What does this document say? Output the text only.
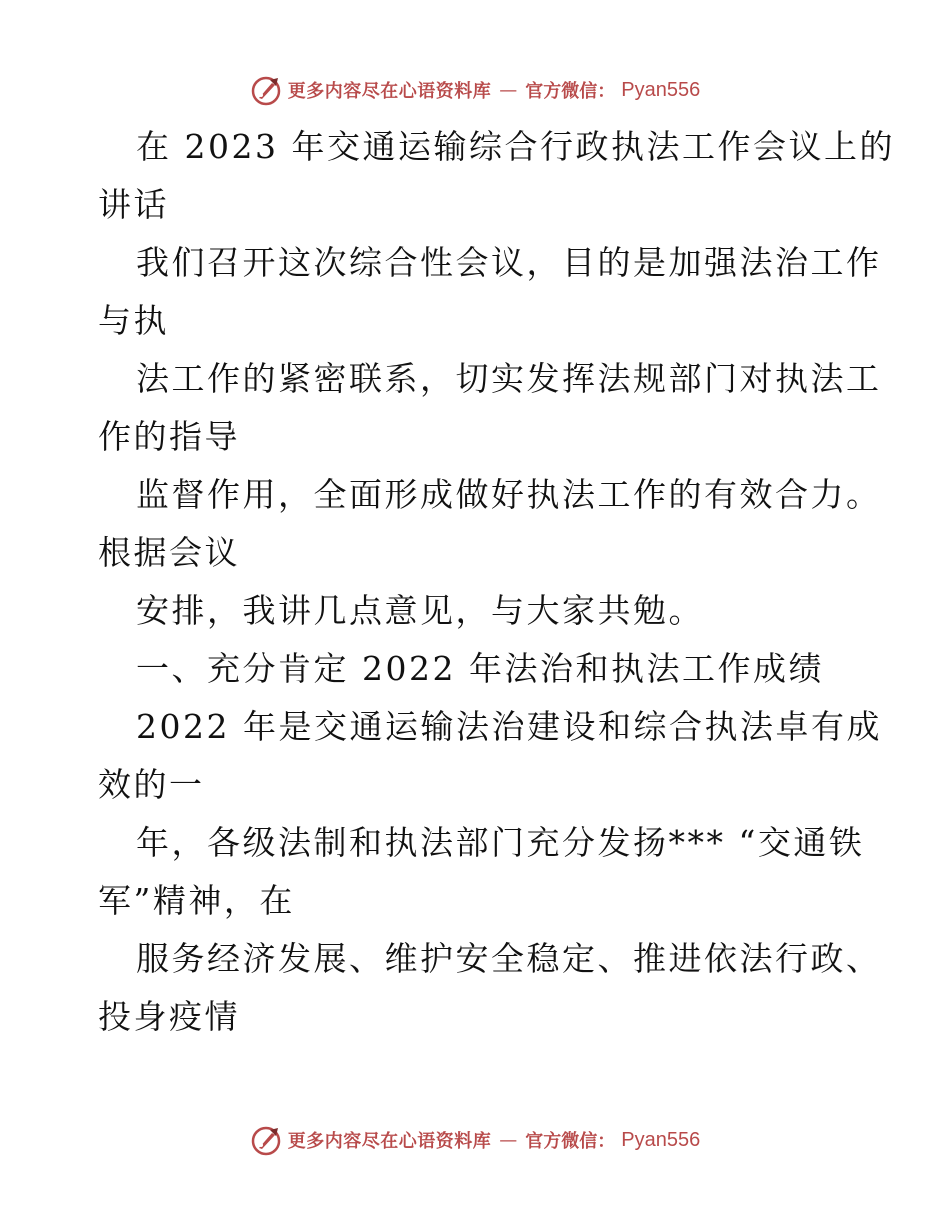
更多内容尽在心语资料库 — 官方微信： Pyan556
在 2023 年交通运输综合行政执法工作会议上的
讲话
我们召开这次综合性会议，目的是加强法治工作
与执
法工作的紧密联系，切实发挥法规部门对执法工
作的指导
监督作用，全面形成做好执法工作的有效合力。
根据会议
安排，我讲几点意见，与大家共勉。
一、充分肯定 2022 年法治和执法工作成绩
2022 年是交通运输法治建设和综合执法卓有成
效的一
年，各级法制和执法部门充分发扬*** “交通铁
军”精神，在
服务经济发展、维护安全稳定、推进依法行政、
投身疫情
更多内容尽在心语资料库 — 官方微信： Pyan556
